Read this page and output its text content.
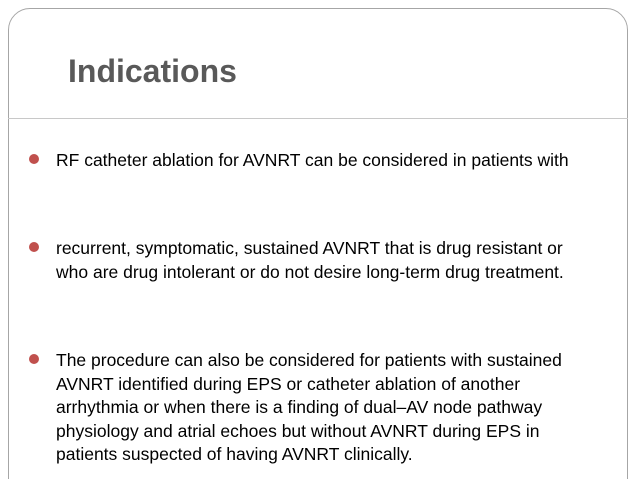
Indications

RF catheter ablation for AVNRT can be considered in patients with

recurrent, symptomatic, sustained AVNRT that is drug resistant or who are drug intolerant or do not desire long-term drug treatment.

The procedure can also be considered for patients with sustained AVNRT identified during EPS or catheter ablation of another arrhythmia or when there is a finding of dual–AV node pathway physiology and atrial echoes but without AVNRT during EPS in patients suspected of having AVNRT clinically.
